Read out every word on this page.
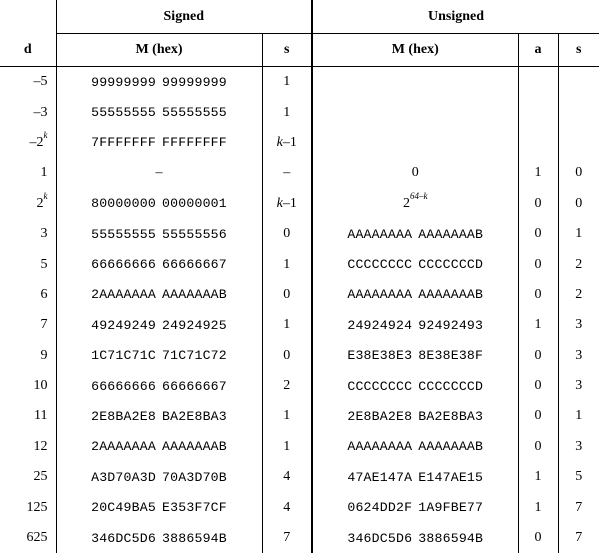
	Signed		Unsigned		
d	M (hex)	s	M (hex)	a	s
–5	99999999 99999999	1			
–3	55555555 55555555	1			
–2$^k$	7FFFFFFF FFFFFFFF	k–1			
1	–	–	0	1	0
2$^k$	80000000 00000001	k–1	2$^{64-k}$	0	0
3	55555555 55555556	0	AAAAAAAA AAAAAAAB	0	1
5	66666666 66666667	1	CCCCCCCC CCCCCCCD	0	2
6	2AAAAAAA AAAAAAAB	0	AAAAAAAA AAAAAAAB	0	2
7	49249249 24924925	1	24924924 92492493	1	3
9	1C71C71C 71C71C72	0	E38E38E3 8E38E38F	0	3
10	66666666 66666667	2	CCCCCCCC CCCCCCCD	0	3
11	2E8BA2E8 BA2E8BA3	1	2E8BA2E8 BA2E8BA3	0	1
12	2AAAAAAA AAAAAAAB	1	AAAAAAAA AAAAAAAB	0	3
25	A3D70A3D 70A3D70B	4	47AE147A E147AE15	1	5
125	20C49BA5 E353F7CF	4	0624DD2F 1A9FBE77	1	7
625	346DC5D6 3886594B	7	346DC5D6 3886594B	0	7
